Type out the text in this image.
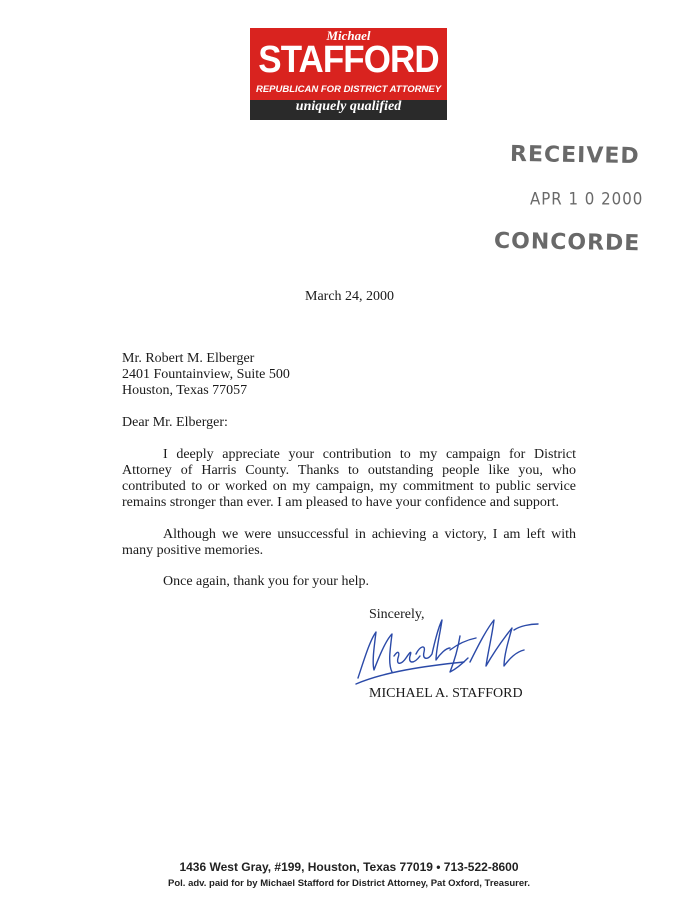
Michael
STAFFORD
REPUBLICAN FOR DISTRICT ATTORNEY
uniquely qualified
RECEIVED
APR 1 0 2000
CONCORDE
March 24, 2000
Mr. Robert M. Elberger
2401 Fountainview, Suite 500
Houston, Texas 77057
Dear Mr. Elberger:
I deeply appreciate your contribution to my campaign for District Attorney of Harris County. Thanks to outstanding people like you, who contributed to or worked on my campaign, my commitment to public service remains stronger than ever. I am pleased to have your confidence and support.
Although we were unsuccessful in achieving a victory, I am left with many positive memories.
Once again, thank you for your help.
Sincerely,
MICHAEL A. STAFFORD
1436 West Gray, #199, Houston, Texas 77019 • 713-522-8600
Pol. adv. paid for by Michael Stafford for District Attorney, Pat Oxford, Treasurer.
